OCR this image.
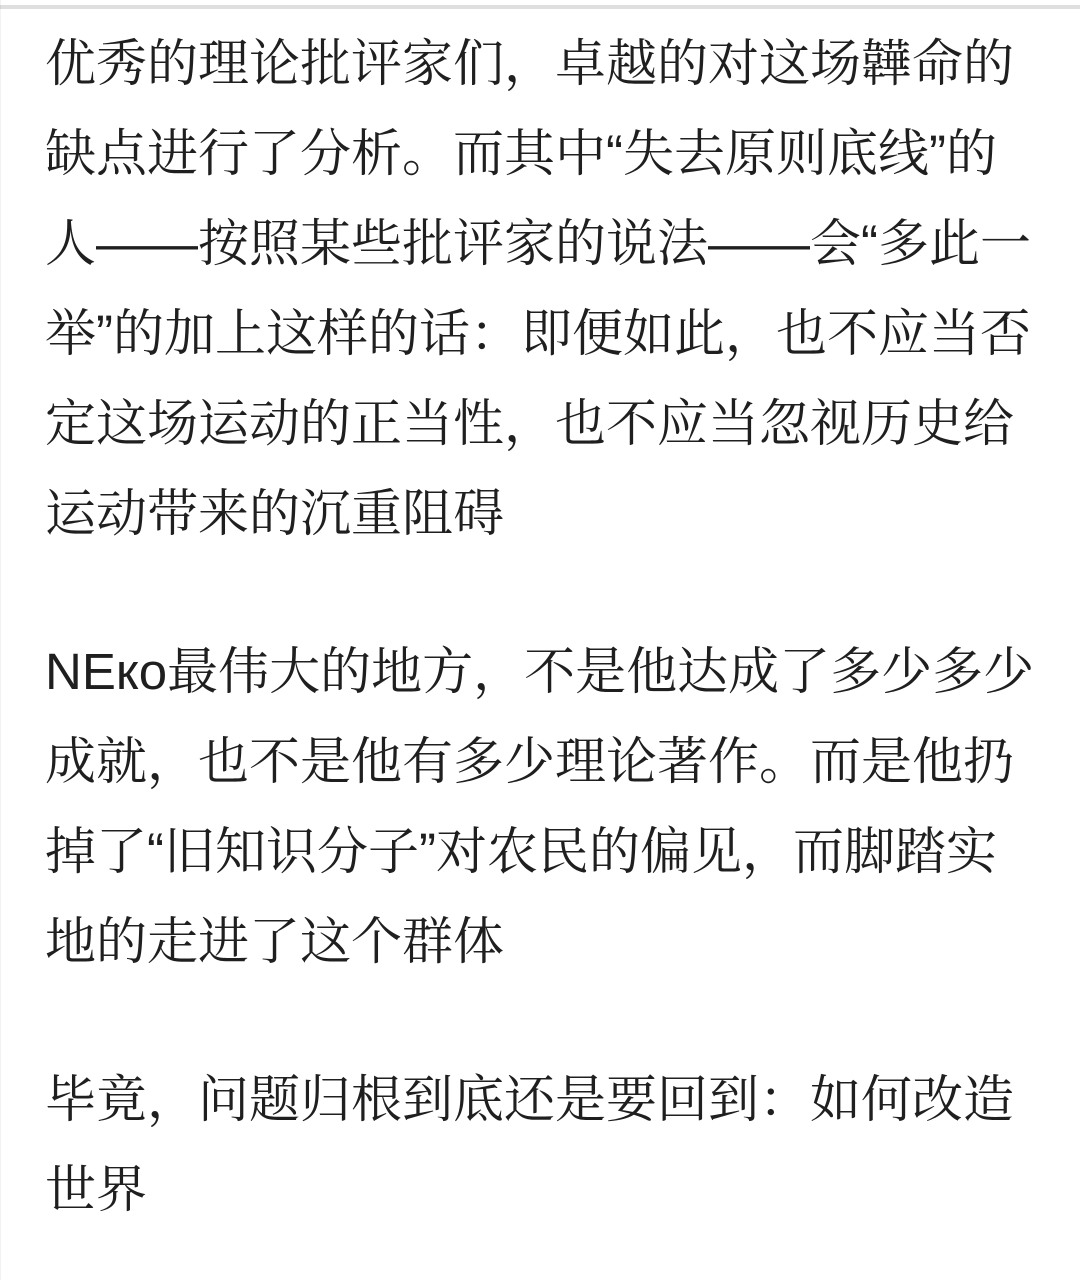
优秀的理论批评家们，卓越的对这场韡命的
缺点进行了分析。而其中“失去原则底线”的
人——按照某些批评家的说法——会“多此一
举”的加上这样的话：即便如此，也不应当否
定这场运动的正当性，也不应当忽视历史给
运动带来的沉重阻碍
NEко最伟大的地方，不是他达成了多少多少
成就，也不是他有多少理论著作。而是他扔
掉了“旧知识分子”对农民的偏见，而脚踏实
地的走进了这个群体
毕竟，问题归根到底还是要回到：如何改造
世界
